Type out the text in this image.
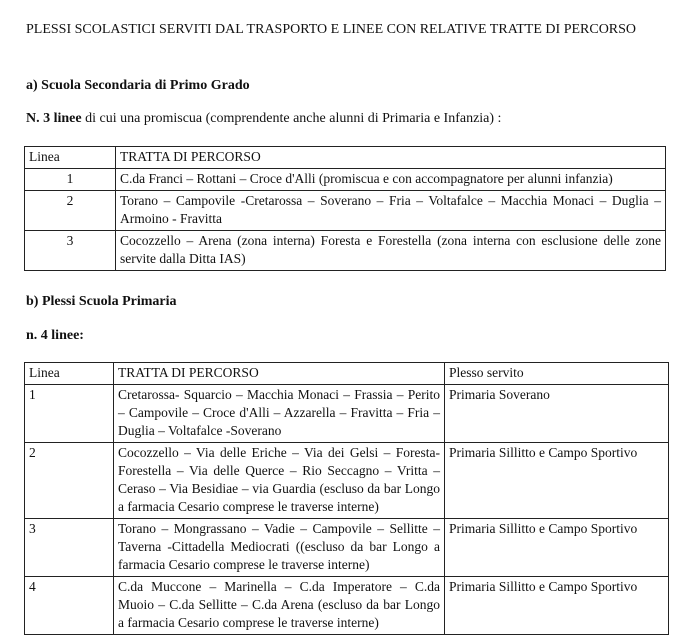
PLESSI SCOLASTICI SERVITI DAL TRASPORTO E LINEE CON RELATIVE TRATTE DI PERCORSO
a) Scuola Secondaria di Primo Grado
N. 3 linee di cui una promiscua (comprendente anche alunni di Primaria e Infanzia) :
Linea	TRATTA DI PERCORSO
1	C.da Franci – Rottani – Croce d'Alli (promiscua e con accompagnatore per alunni infanzia)
2	Torano – Campovile -Cretarossa – Soverano – Fria – Voltafalce – Macchia Monaci – Duglia – Armoino - Fravitta
3	Cocozzello – Arena (zona interna) Foresta e Forestella (zona interna con esclusione delle zone servite dalla Ditta IAS)
b) Plessi Scuola Primaria
n. 4 linee:
Linea	TRATTA DI PERCORSO	Plesso servito
1	Cretarossa- Squarcio – Macchia Monaci – Frassia – Perito – Campovile – Croce d'Alli – Azzarella – Fravitta – Fria – Duglia – Voltafalce -Soverano	Primaria Soverano
2	Cocozzello – Via delle Eriche – Via dei Gelsi – Foresta-Forestella – Via delle Querce – Rio Seccagno – Vritta – Ceraso – Via Besidiae – via Guardia (escluso da bar Longo a farmacia Cesario comprese le traverse interne)	Primaria Sillitto e Campo Sportivo
3	Torano – Mongrassano – Vadie – Campovile – Sellitte – Taverna -Cittadella Mediocrati ((escluso da bar Longo a farmacia Cesario comprese le traverse interne)	Primaria Sillitto e Campo Sportivo
4	C.da Muccone – Marinella – C.da Imperatore – C.da Muoio – C.da Sellitte – C.da Arena (escluso da bar Longo a farmacia Cesario comprese le traverse interne)	Primaria Sillitto e Campo Sportivo
